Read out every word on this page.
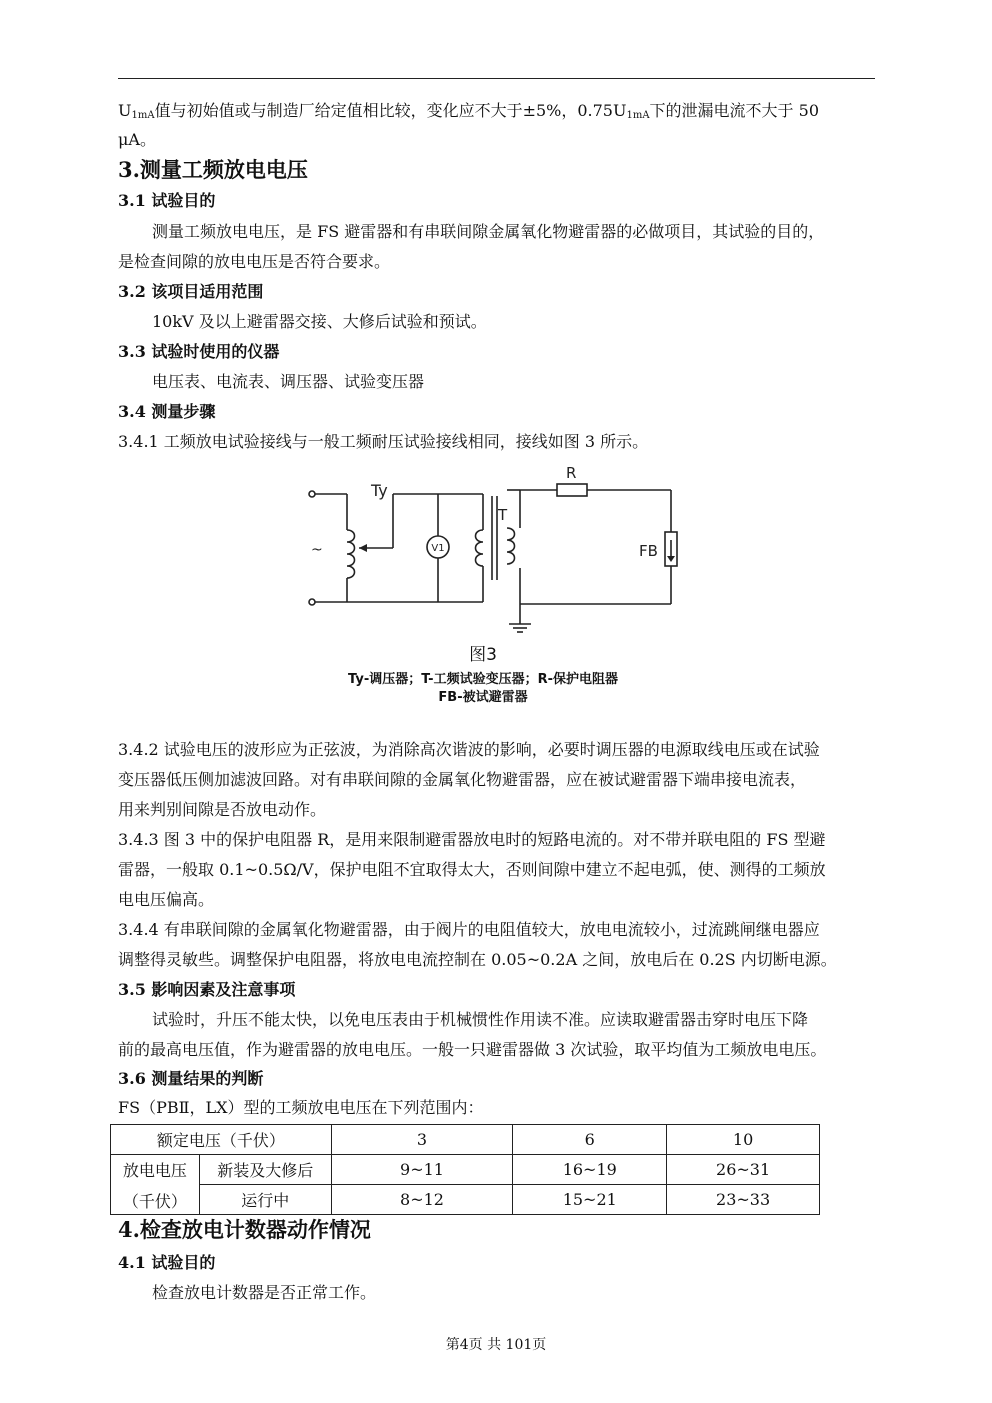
$U_{1mA}$值与初始值或与制造厂给定值相比较，变化应不大于±5%，$0.75U_{1mA}$下的泄漏电流不大于 50
μA。
3.测量工频放电电压
3.1 试验目的
测量工频放电电压，是 FS 避雷器和有串联间隙金属氧化物避雷器的必做项目，其试验的目的，
是检查间隙的放电电压是否符合要求。
3.2 该项目适用范围
10kV 及以上避雷器交接、大修后试验和预试。
3.3 试验时使用的仪器
电压表、电流表、调压器、试验变压器
3.4 测量步骤
3.4.1 工频放电试验接线与一般工频耐压试验接线相同，接线如图 3 所示。
Ty
T
R
FB
V1
~
图3
Ty-调压器；T-工频试验变压器；R-保护电阻器
FB-被试避雷器
3.4.2 试验电压的波形应为正弦波，为消除高次谐波的影响，必要时调压器的电源取线电压或在试验
变压器低压侧加滤波回路。对有串联间隙的金属氧化物避雷器，应在被试避雷器下端串接电流表，
用来判别间隙是否放电动作。
3.4.3 图 3 中的保护电阻器 R，是用来限制避雷器放电时的短路电流的。对不带并联电阻的 FS 型避
雷器，一般取 0.1~0.5Ω/V，保护电阻不宜取得太大，否则间隙中建立不起电弧，使、测得的工频放
电电压偏高。
3.4.4 有串联间隙的金属氧化物避雷器，由于阀片的电阻值较大，放电电流较小，过流跳闸继电器应
调整得灵敏些。调整保护电阻器，将放电电流控制在 0.05~0.2A 之间，放电后在 0.2S 内切断电源。
3.5 影响因素及注意事项
试验时，升压不能太快，以免电压表由于机械惯性作用读不准。应读取避雷器击穿时电压下降
前的最高电压值，作为避雷器的放电电压。一般一只避雷器做 3 次试验，取平均值为工频放电电压。
3.6 测量结果的判断
FS（PBⅡ，LX）型的工频放电电压在下列范围内：
额定电压（千伏）		3	6	10

放电电压
（千伏）	新装及大修后	9~11	16~19	26~31
	运行中	8~12	15~21	23~33
4.检查放电计数器动作情况
4.1 试验目的
检查放电计数器是否正常工作。
第4页 共 101页
